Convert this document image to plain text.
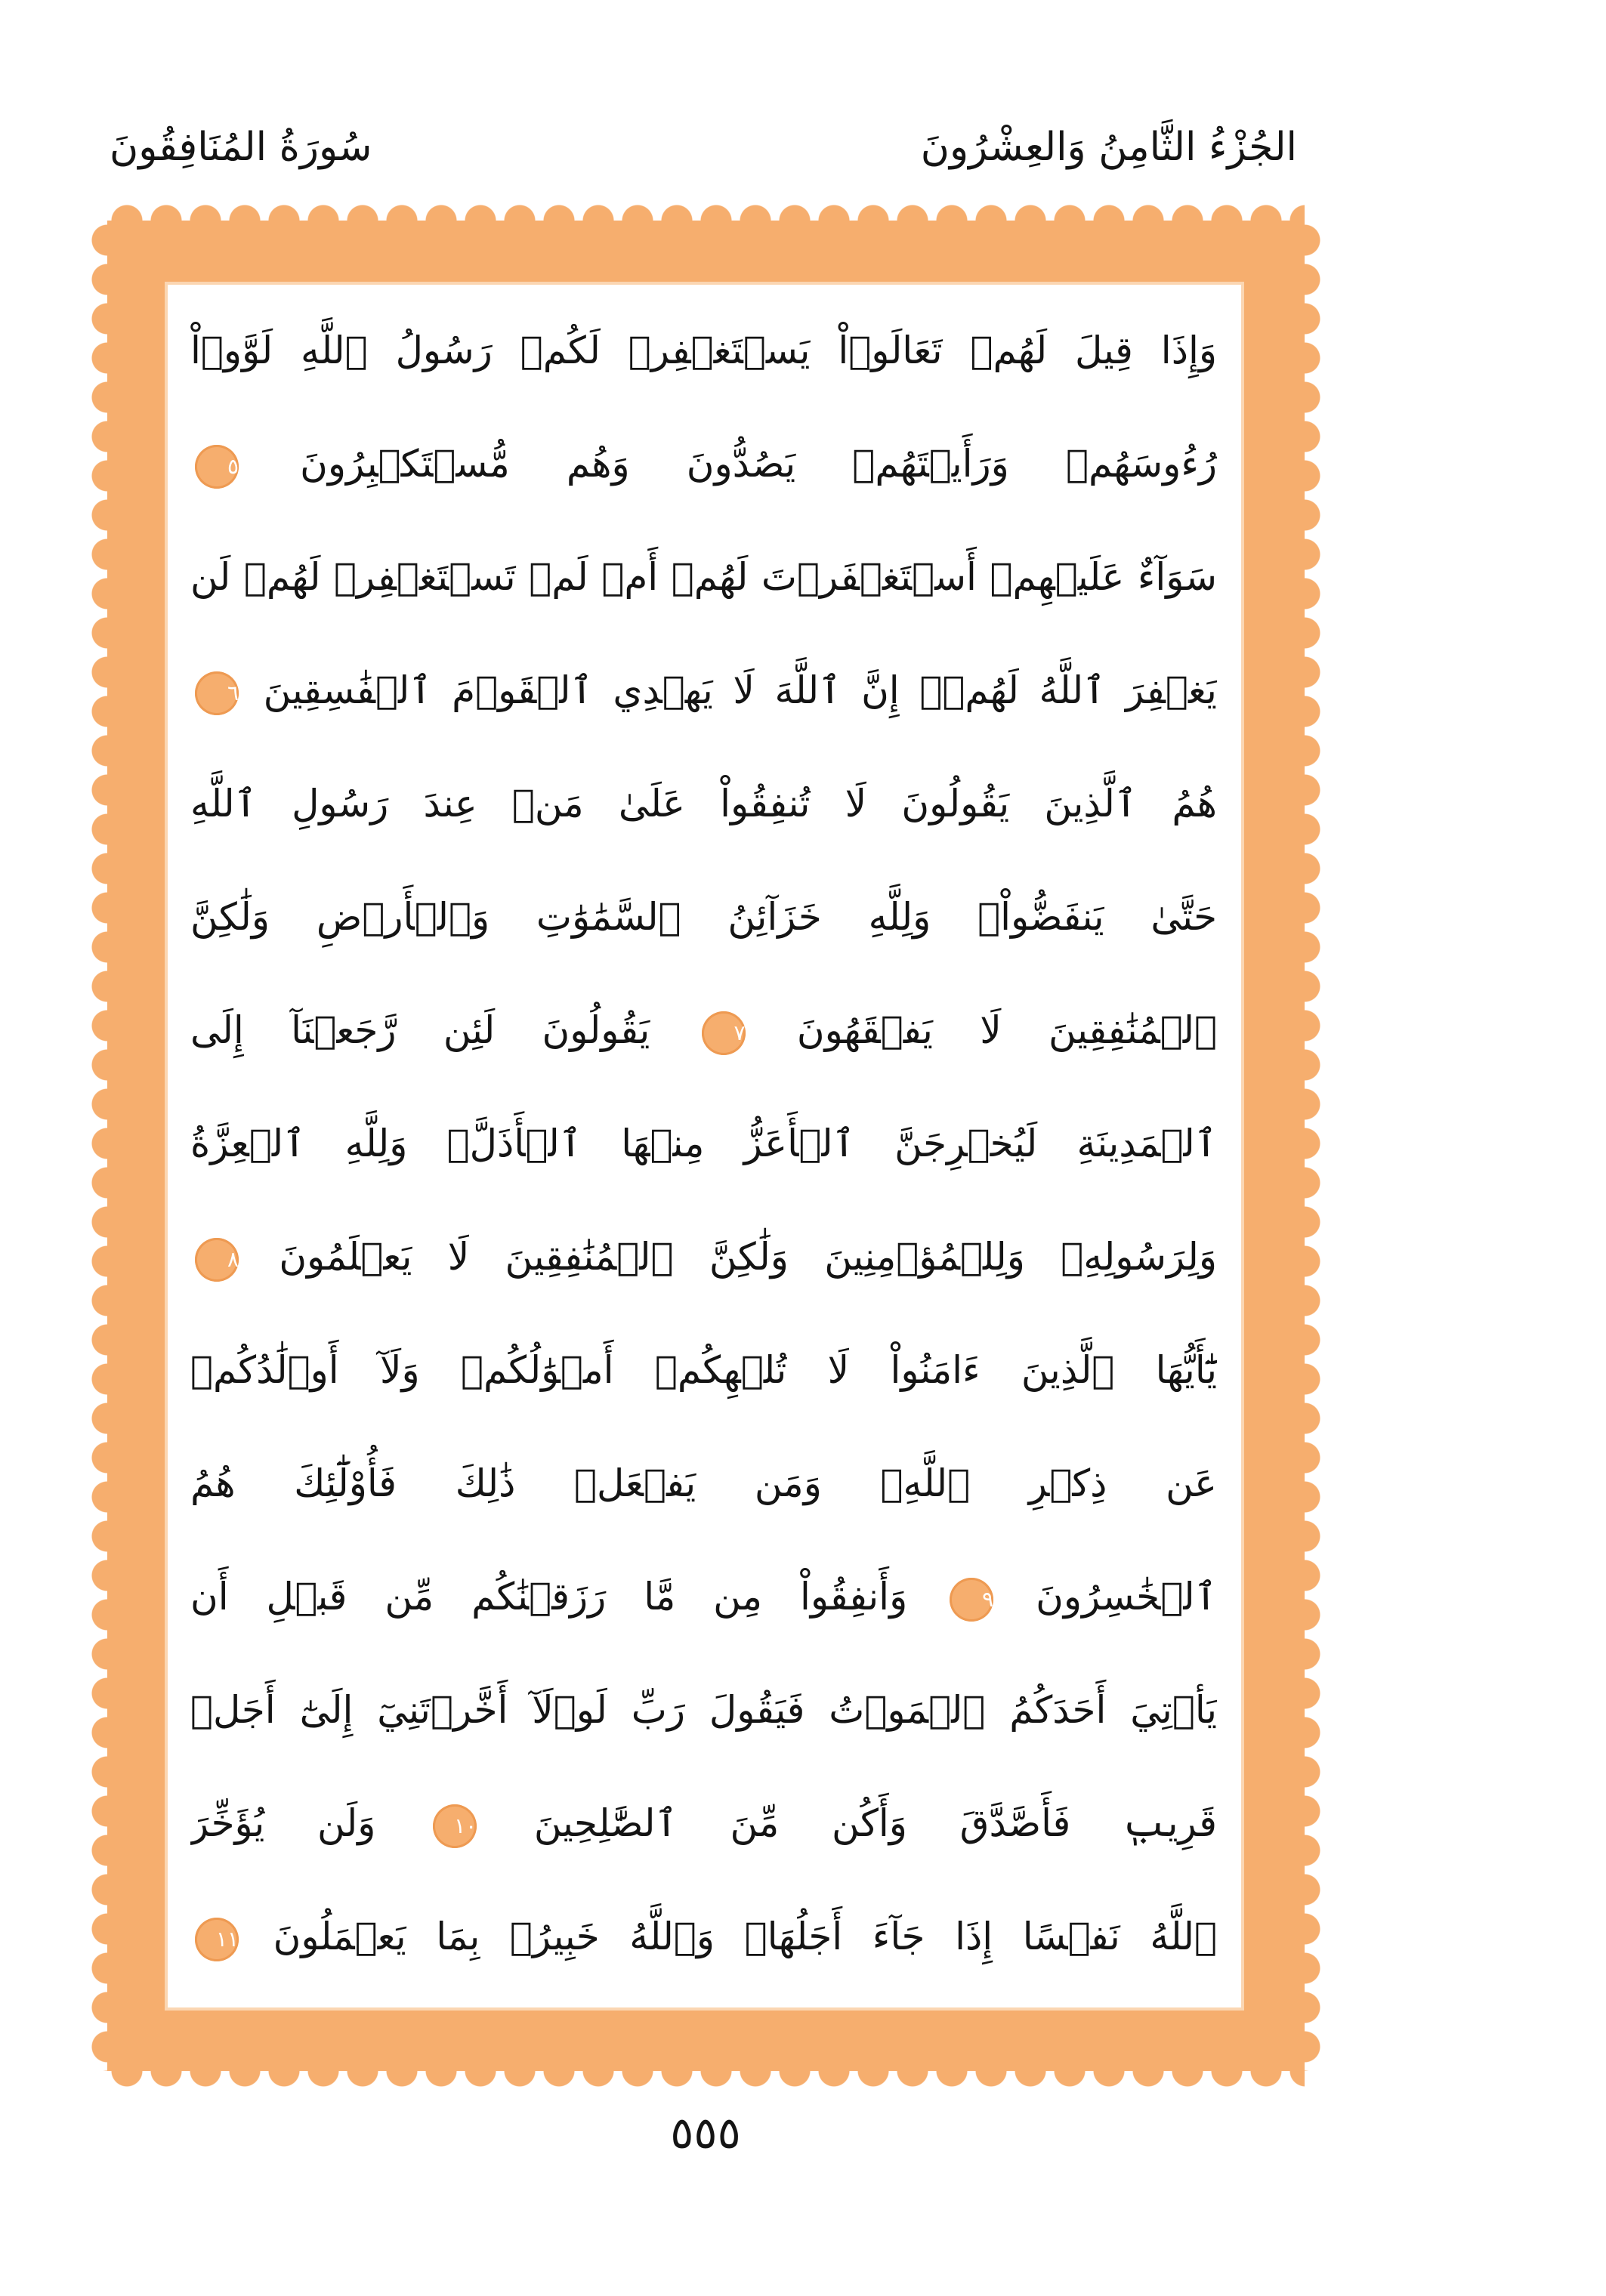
الجُزْءُ الثَّامِنُ وَالعِشْرُونَ
سُورَةُ المُنَافِقُونَ
وَإِذَا قِيلَ لَهُمۡ تَعَالَوۡاْ يَسۡتَغۡفِرۡ لَكُمۡ رَسُولُ ٱللَّهِ لَوَّوۡاْ
رُءُوسَهُمۡ وَرَأَيۡتَهُمۡ يَصُدُّونَ وَهُم مُّسۡتَكۡبِرُونَ ٥
سَوَآءٌ عَلَيۡهِمۡ أَسۡتَغۡفَرۡتَ لَهُمۡ أَمۡ لَمۡ تَسۡتَغۡفِرۡ لَهُمۡ لَن
يَغۡفِرَ ٱللَّهُ لَهُمۡۚ إِنَّ ٱللَّهَ لَا يَهۡدِي ٱلۡقَوۡمَ ٱلۡفَٰسِقِينَ ٦
هُمُ ٱلَّذِينَ يَقُولُونَ لَا تُنفِقُواْ عَلَىٰ مَنۡ عِندَ رَسُولِ ٱللَّهِ
حَتَّىٰ يَنفَضُّواْۗ وَلِلَّهِ خَزَآئِنُ ٱلسَّمَٰوَٰتِ وَٱلۡأَرۡضِ وَلَٰكِنَّ
ٱلۡمُنَٰفِقِينَ لَا يَفۡقَهُونَ ٧ يَقُولُونَ لَئِن رَّجَعۡنَآ إِلَى
ٱلۡمَدِينَةِ لَيُخۡرِجَنَّ ٱلۡأَعَزُّ مِنۡهَا ٱلۡأَذَلَّۚ وَلِلَّهِ ٱلۡعِزَّةُ
وَلِرَسُولِهِۦ وَلِلۡمُؤۡمِنِينَ وَلَٰكِنَّ ٱلۡمُنَٰفِقِينَ لَا يَعۡلَمُونَ ٨
يَٰٓأَيُّهَا ٱلَّذِينَ ءَامَنُواْ لَا تُلۡهِكُمۡ أَمۡوَٰلُكُمۡ وَلَآ أَوۡلَٰدُكُمۡ
عَن ذِكۡرِ ٱللَّهِۚ وَمَن يَفۡعَلۡ ذَٰلِكَ فَأُوْلَٰٓئِكَ هُمُ
ٱلۡخَٰسِرُونَ ٩ وَأَنفِقُواْ مِن مَّا رَزَقۡنَٰكُم مِّن قَبۡلِ أَن
يَأۡتِيَ أَحَدَكُمُ ٱلۡمَوۡتُ فَيَقُولَ رَبِّ لَوۡلَآ أَخَّرۡتَنِيٓ إِلَىٰٓ أَجَلٖ
قَرِيبٖ فَأَصَّدَّقَ وَأَكُن مِّنَ ٱلصَّٰلِحِينَ ١٠ وَلَن يُؤَخِّرَ
ٱللَّهُ نَفۡسًا إِذَا جَآءَ أَجَلُهَاۚ وَٱللَّهُ خَبِيرُۢ بِمَا يَعۡمَلُونَ ١١
٥٥٥
